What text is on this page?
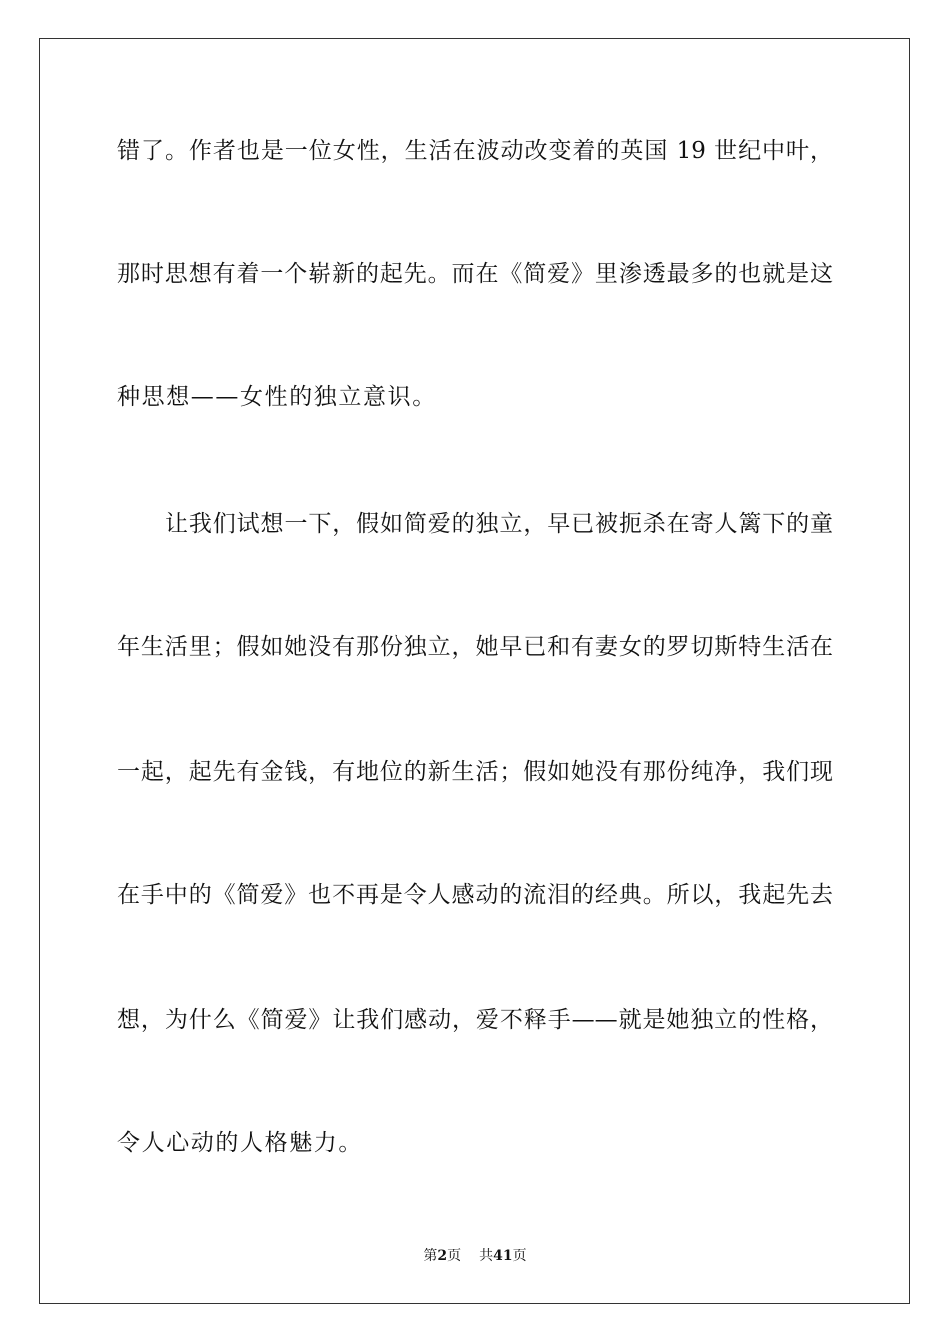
错了。作者也是一位女性，生活在波动改变着的英国 19 世纪中叶，
那时思想有着一个崭新的起先。而在《简爱》里渗透最多的也就是这
种思想——女性的独立意识。
让我们试想一下，假如简爱的独立，早已被扼杀在寄人篱下的童
年生活里；假如她没有那份独立，她早已和有妻女的罗切斯特生活在
一起，起先有金钱，有地位的新生活；假如她没有那份纯净，我们现
在手中的《简爱》也不再是令人感动的流泪的经典。所以，我起先去
想，为什么《简爱》让我们感动，爱不释手——就是她独立的性格，
令人心动的人格魅力。
第2页 共41页
